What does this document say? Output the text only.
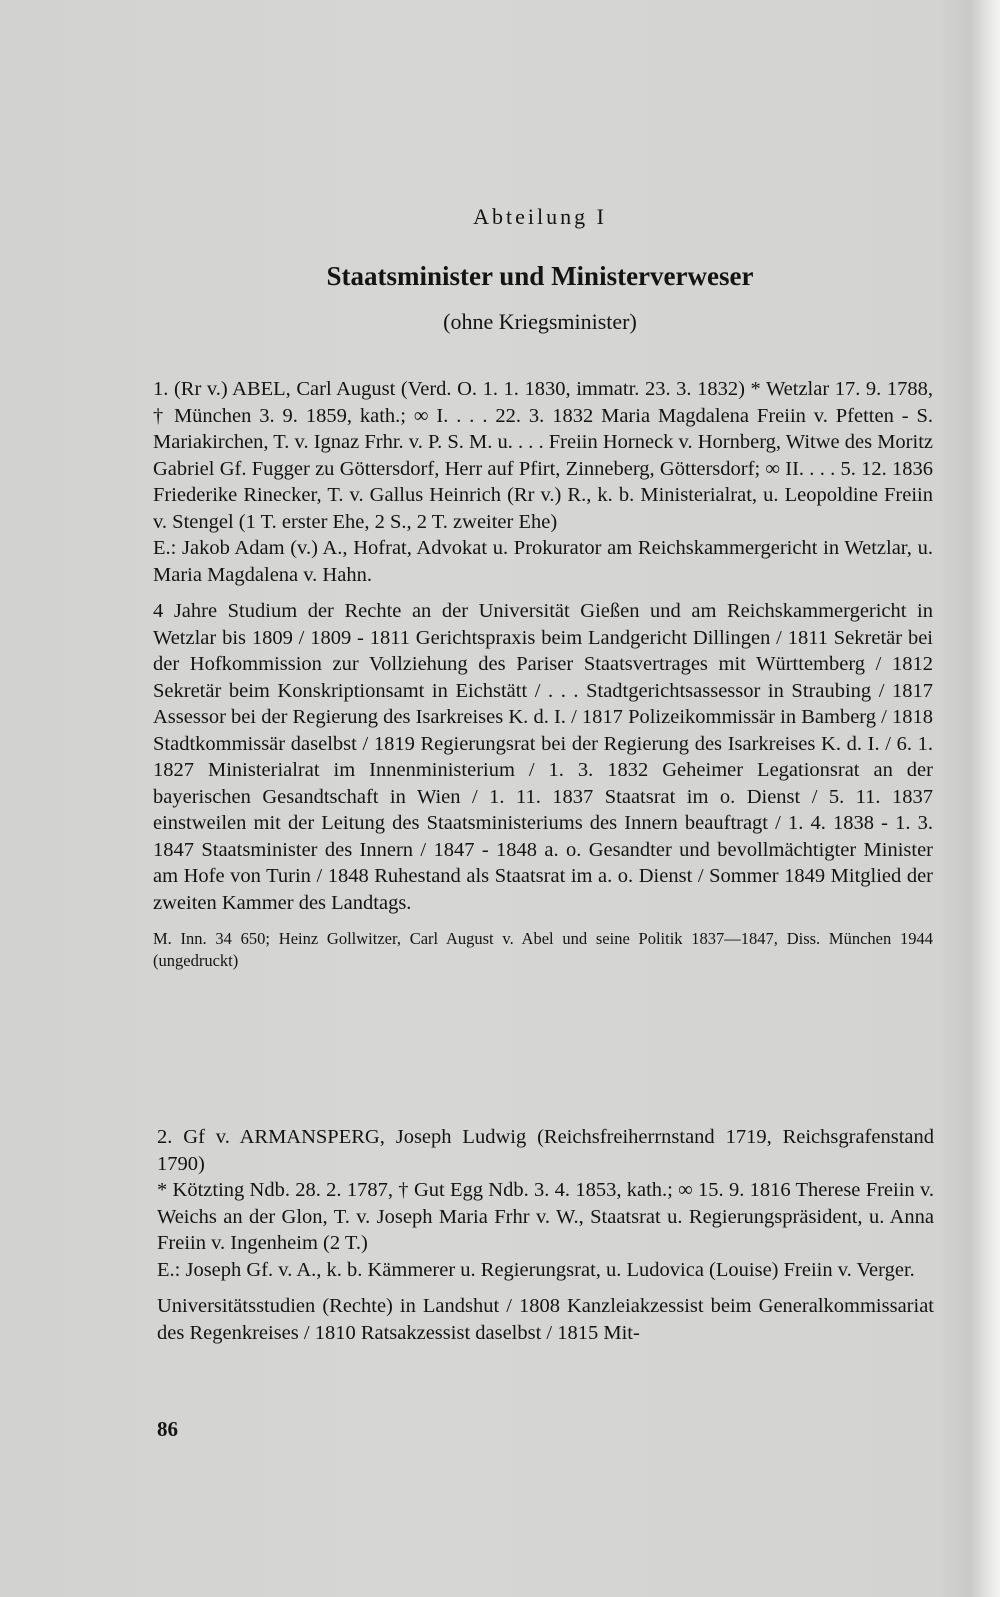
Abteilung I
Staatsminister und Ministerverweser
(ohne Kriegsminister)

1. (Rr v.) ABEL, Carl August (Verd. O. 1. 1. 1830, immatr. 23. 3. 1832) * Wetzlar 17. 9. 1788, † München 3. 9. 1859, kath.; ∞ I. . . . 22. 3. 1832 Maria Magdalena Freiin v. Pfetten - S. Mariakirchen, T. v. Ignaz Frhr. v. P. S. M. u. . . . Freiin Horneck v. Hornberg, Witwe des Moritz Gabriel Gf. Fugger zu Göttersdorf, Herr auf Pfirt, Zinneberg, Göttersdorf; ∞ II. . . . 5. 12. 1836 Friederike Rinecker, T. v. Gallus Heinrich (Rr v.) R., k. b. Ministerialrat, u. Leopoldine Freiin v. Stengel (1 T. erster Ehe, 2 S., 2 T. zweiter Ehe)

E.: Jakob Adam (v.) A., Hofrat, Advokat u. Prokurator am Reichskammergericht in Wetzlar, u. Maria Magdalena v. Hahn.

4 Jahre Studium der Rechte an der Universität Gießen und am Reichskammergericht in Wetzlar bis 1809 / 1809 - 1811 Gerichtspraxis beim Landgericht Dillingen / 1811 Sekretär bei der Hofkommission zur Vollziehung des Pariser Staatsvertrages mit Württemberg / 1812 Sekretär beim Konskriptionsamt in Eichstätt / . . . Stadtgerichtsassessor in Straubing / 1817 Assessor bei der Regierung des Isarkreises K. d. I. / 1817 Polizeikommissär in Bamberg / 1818 Stadtkommissär daselbst / 1819 Regierungsrat bei der Regierung des Isarkreises K. d. I. / 6. 1. 1827 Ministerialrat im Innenministerium / 1. 3. 1832 Geheimer Legationsrat an der bayerischen Gesandtschaft in Wien / 1. 11. 1837 Staatsrat im o. Dienst / 5. 11. 1837 einstweilen mit der Leitung des Staatsministeriums des Innern beauftragt / 1. 4. 1838 - 1. 3. 1847 Staatsminister des Innern / 1847 - 1848 a. o. Gesandter und bevollmächtigter Minister am Hofe von Turin / 1848 Ruhestand als Staatsrat im a. o. Dienst / Sommer 1849 Mitglied der zweiten Kammer des Landtags.

M. Inn. 34 650; Heinz Gollwitzer, Carl August v. Abel und seine Politik 1837—1847, Diss. München 1944 (ungedruckt)

2. Gf v. ARMANSPERG, Joseph Ludwig (Reichsfreiherrnstand 1719, Reichsgrafenstand 1790)

* Kötzting Ndb. 28. 2. 1787, † Gut Egg Ndb. 3. 4. 1853, kath.; ∞ 15. 9. 1816 Therese Freiin v. Weichs an der Glon, T. v. Joseph Maria Frhr v. W., Staatsrat u. Regierungspräsident, u. Anna Freiin v. Ingenheim (2 T.)

E.: Joseph Gf. v. A., k. b. Kämmerer u. Regierungsrat, u. Ludovica (Louise) Freiin v. Verger.

Universitätsstudien (Rechte) in Landshut / 1808 Kanzleiakzessist beim Generalkommissariat des Regenkreises / 1810 Ratsakzessist daselbst / 1815 Mit-

86
